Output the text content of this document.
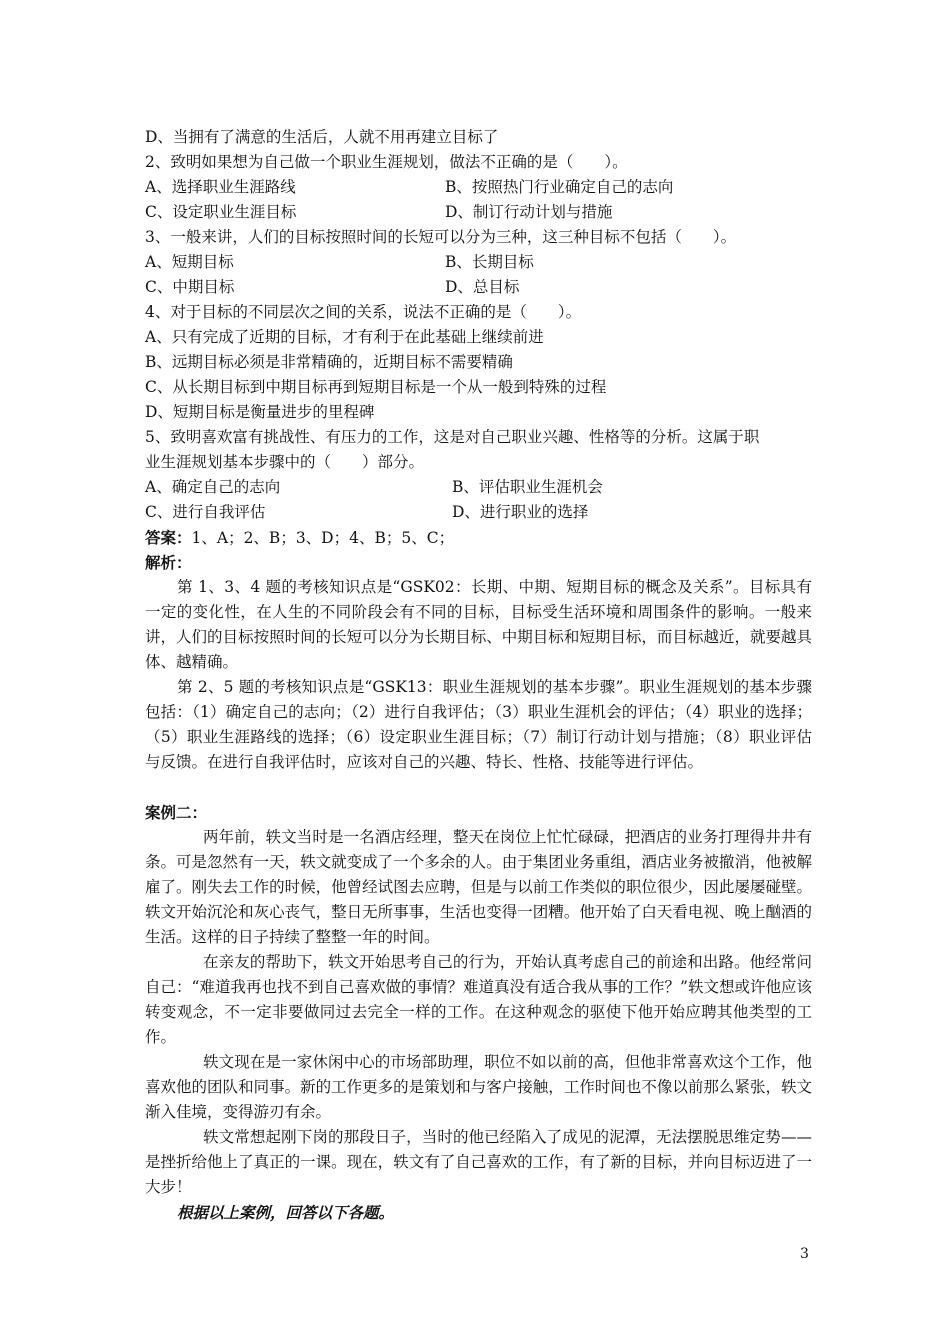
D、当拥有了满意的生活后，人就不用再建立目标了
2、致明如果想为自己做一个职业生涯规划，做法不正确的是（　　）。
A、选择职业生涯路线	B、按照热门行业确定自己的志向
C、设定职业生涯目标	D、制订行动计划与措施
3、一般来讲，人们的目标按照时间的长短可以分为三种，这三种目标不包括（　　）。
A、短期目标	B、长期目标
C、中期目标	D、总目标
4、对于目标的不同层次之间的关系，说法不正确的是（　　）。
A、只有完成了近期的目标，才有利于在此基础上继续前进
B、远期目标必须是非常精确的，近期目标不需要精确
C、从长期目标到中期目标再到短期目标是一个从一般到特殊的过程
D、短期目标是衡量进步的里程碑
5、致明喜欢富有挑战性、有压力的工作，这是对自己职业兴趣、性格等的分析。这属于职
业生涯规划基本步骤中的（　　）部分。
A、确定自己的志向	B、评估职业生涯机会
C、进行自我评估	D、进行职业的选择
答案：1、A；2、B；3、D；4、B；5、C；
解析：
第 1、3、4 题的考核知识点是“GSK02：长期、中期、短期目标的概念及关系”。目标具有一定的变化性，在人生的不同阶段会有不同的目标，目标受生活环境和周围条件的影响。一般来讲，人们的目标按照时间的长短可以分为长期目标、中期目标和短期目标，而目标越近，就要越具体、越精确。
第 2、5 题的考核知识点是“GSK13：职业生涯规划的基本步骤”。职业生涯规划的基本步骤包括：（1）确定自己的志向；（2）进行自我评估；（3）职业生涯机会的评估；（4）职业的选择；（5）职业生涯路线的选择；（6）设定职业生涯目标；（7）制订行动计划与措施；（8）职业评估与反馈。在进行自我评估时，应该对自己的兴趣、特长、性格、技能等进行评估。
案例二：
两年前，轶文当时是一名酒店经理，整天在岗位上忙忙碌碌，把酒店的业务打理得井井有条。可是忽然有一天，轶文就变成了一个多余的人。由于集团业务重组，酒店业务被撤消，他被解雇了。刚失去工作的时候，他曾经试图去应聘，但是与以前工作类似的职位很少，因此屡屡碰壁。轶文开始沉沦和灰心丧气，整日无所事事，生活也变得一团糟。他开始了白天看电视、晚上酗酒的生活。这样的日子持续了整整一年的时间。
在亲友的帮助下，轶文开始思考自己的行为，开始认真考虑自己的前途和出路。他经常问自己：“难道我再也找不到自己喜欢做的事情？难道真没有适合我从事的工作？”轶文想或许他应该转变观念，不一定非要做同过去完全一样的工作。在这种观念的驱使下他开始应聘其他类型的工作。
轶文现在是一家休闲中心的市场部助理，职位不如以前的高，但他非常喜欢这个工作，他喜欢他的团队和同事。新的工作更多的是策划和与客户接触，工作时间也不像以前那么紧张，轶文渐入佳境，变得游刃有余。
轶文常想起刚下岗的那段日子，当时的他已经陷入了成见的泥潭，无法摆脱思维定势——是挫折给他上了真正的一课。现在，轶文有了自己喜欢的工作，有了新的目标，并向目标迈进了一大步！
根据以上案例，回答以下各题。
3
